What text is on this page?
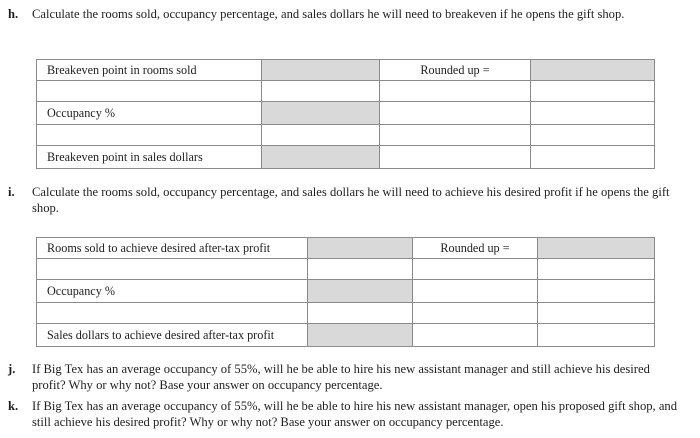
h. Calculate the rooms sold, occupancy percentage, and sales dollars he will need to breakeven if he opens the gift shop.
Breakeven point in rooms sold		Rounded up =	

Occupancy %			

Breakeven point in sales dollars			
i. Calculate the rooms sold, occupancy percentage, and sales dollars he will need to achieve his desired profit if he opens the gift shop.
Rooms sold to achieve desired after-tax profit		Rounded up =	

Occupancy %			

Sales dollars to achieve desired after-tax profit			
j. If Big Tex has an average occupancy of 55%, will he be able to hire his new assistant manager and still achieve his desired profit? Why or why not? Base your answer on occupancy percentage.
k. If Big Tex has an average occupancy of 55%, will he be able to hire his new assistant manager, open his proposed gift shop, and still achieve his desired profit? Why or why not? Base your answer on occupancy percentage.
